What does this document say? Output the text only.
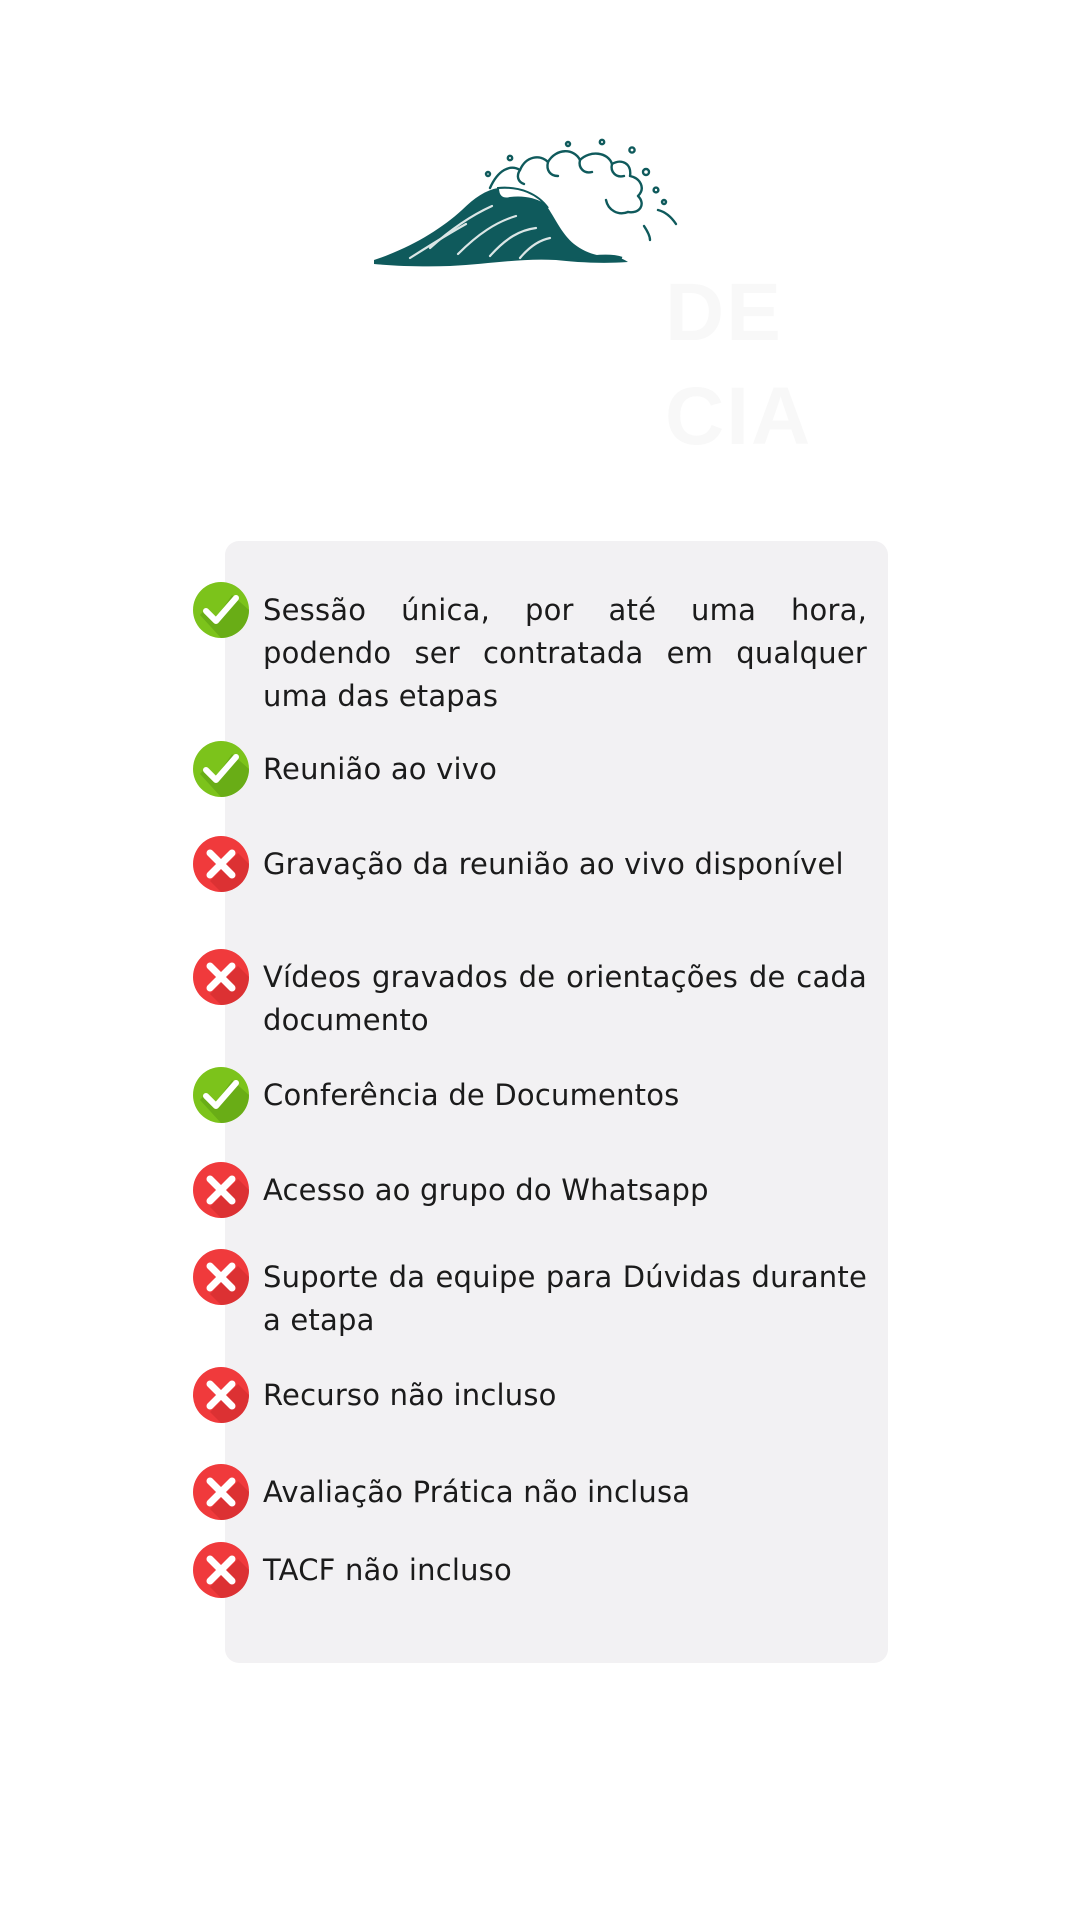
DE
CIA
Sessão única, por até uma hora, podendo ser contratada em qualquer uma das etapas
Reunião ao vivo
Gravação da reunião ao vivo disponível
Vídeos gravados de orientações de cada documento
Conferência de Documentos
Acesso ao grupo do Whatsapp
Suporte da equipe para Dúvidas durante a etapa
Recurso não incluso
Avaliação Prática não inclusa
TACF não incluso
